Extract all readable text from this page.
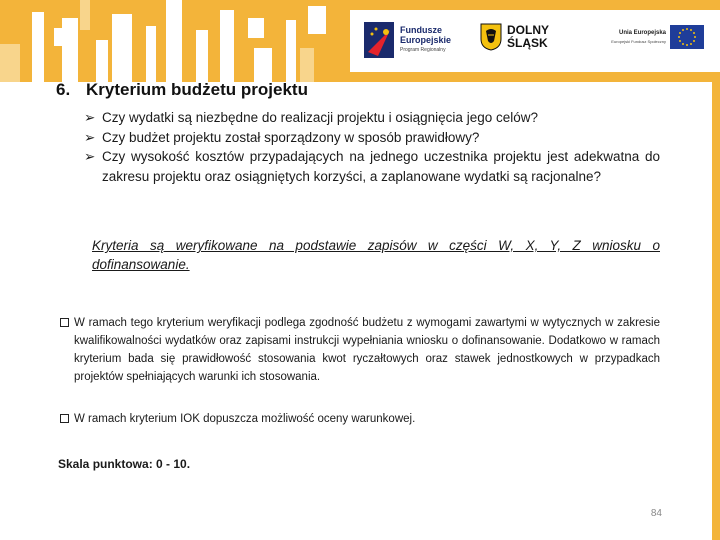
Fundusze
Europejskie
Program Regionalny
DOLNY
ŚLĄSK
Unia Europejska
Europejski Fundusz Społeczny
6. Kryterium budżetu projektu
➢ Czy wydatki są niezbędne do realizacji projektu i osiągnięcia jego celów?
➢ Czy budżet projektu został sporządzony w sposób prawidłowy?
➢ Czy wysokość kosztów przypadających na jednego uczestnika projektu jest adekwatna do zakresu projektu oraz osiągniętych korzyści, a zaplanowane wydatki są racjonalne?
Kryteria są weryfikowane na podstawie zapisów w części W, X, Y, Z wniosku o dofinansowanie.
W ramach tego kryterium weryfikacji podlega zgodność budżetu z wymogami zawartymi w wytycznych w zakresie kwalifikowalności wydatków oraz zapisami instrukcji wypełniania wniosku o dofinansowanie. Dodatkowo w ramach kryterium bada się prawidłowość stosowania kwot ryczałtowych oraz stawek jednostkowych w przypadkach projektów spełniających warunki ich stosowania.
W ramach kryterium IOK dopuszcza możliwość oceny warunkowej.
Skala punktowa: 0 - 10.
84
